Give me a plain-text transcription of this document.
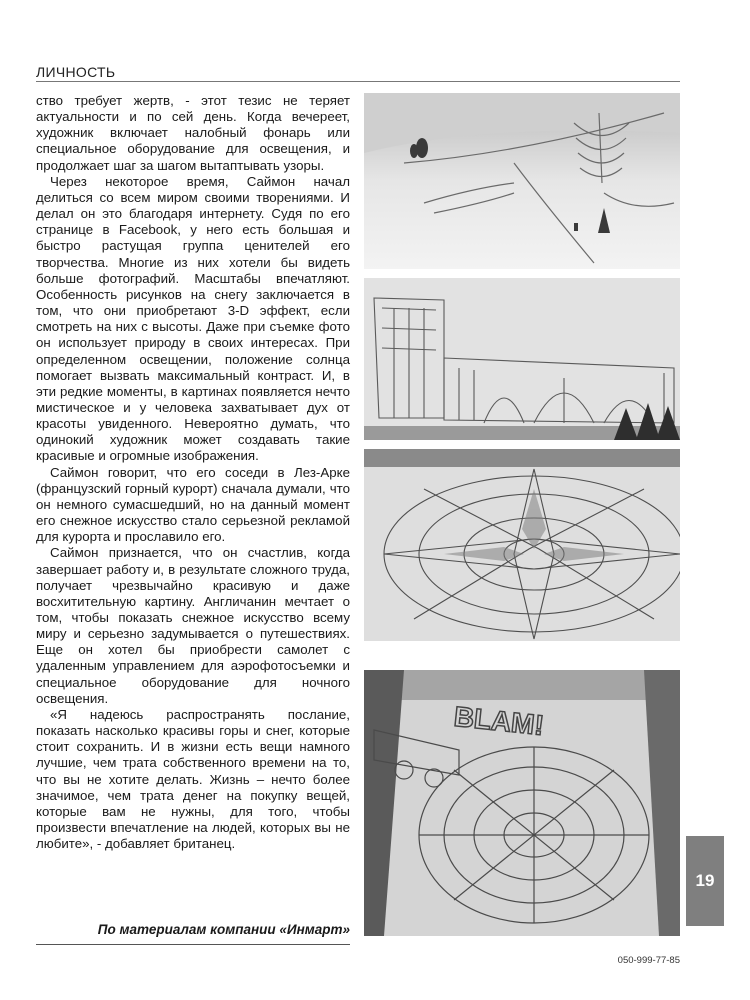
ЛИЧНОСТЬ

ство требует жертв, - этот тезис не теряет актуальности и по сей день. Когда вечереет, художник включает налобный фонарь или специальное оборудование для освещения, и продолжает шаг за шагом вытаптывать узоры.

Через некоторое время, Саймон начал делиться со всем миром своими творениями. И делал он это благодаря интернету. Судя по его странице в Facebook, у него есть большая и быстро растущая группа ценителей его творчества. Многие из них хотели бы видеть больше фотографий. Масштабы впечатляют. Особенность рисунков на снегу заключается в том, что они приобретают 3-D эффект, если смотреть на них с высоты. Даже при съемке фото он использует природу в своих интересах. При определенном освещении, положение солнца помогает вызвать максимальный контраст. И, в эти редкие моменты, в картинах появляется нечто мистическое и у человека захватывает дух от красоты увиденного. Невероятно думать, что одинокий художник может создавать такие красивые и огромные изображения.

Саймон говорит, что его соседи в Лез-Арке (французский горный курорт) сначала думали, что он немного сумасшедший, но на данный момент его снежное искусство стало серьезной рекламой для курорта и прославило его.

Саймон признается, что он счастлив, когда завершает работу и, в результате сложного труда, получает чрезвычайно красивую и даже восхитительную картину. Англичанин мечтает о том, чтобы показать снежное искусство всему миру и серьезно задумывается о путешествиях. Еще он хотел бы приобрести самолет с удаленным управлением для аэрофотосъемки и специальное оборудование для ночного освещения.

«Я надеюсь распространять послание, показать насколько красивы горы и снег, которые стоит сохранить. И в жизни есть вещи намного лучшие, чем трата собственного времени на то, что вы не хотите делать. Жизнь – нечто более значимое, чем трата денег на покупку вещей, которые вам не нужны, для того, чтобы произвести впечатление на людей, которых вы не любите», - добавляет британец.

По материалам компании «Инмарт»
BLAM!
19
050-999-77-85
